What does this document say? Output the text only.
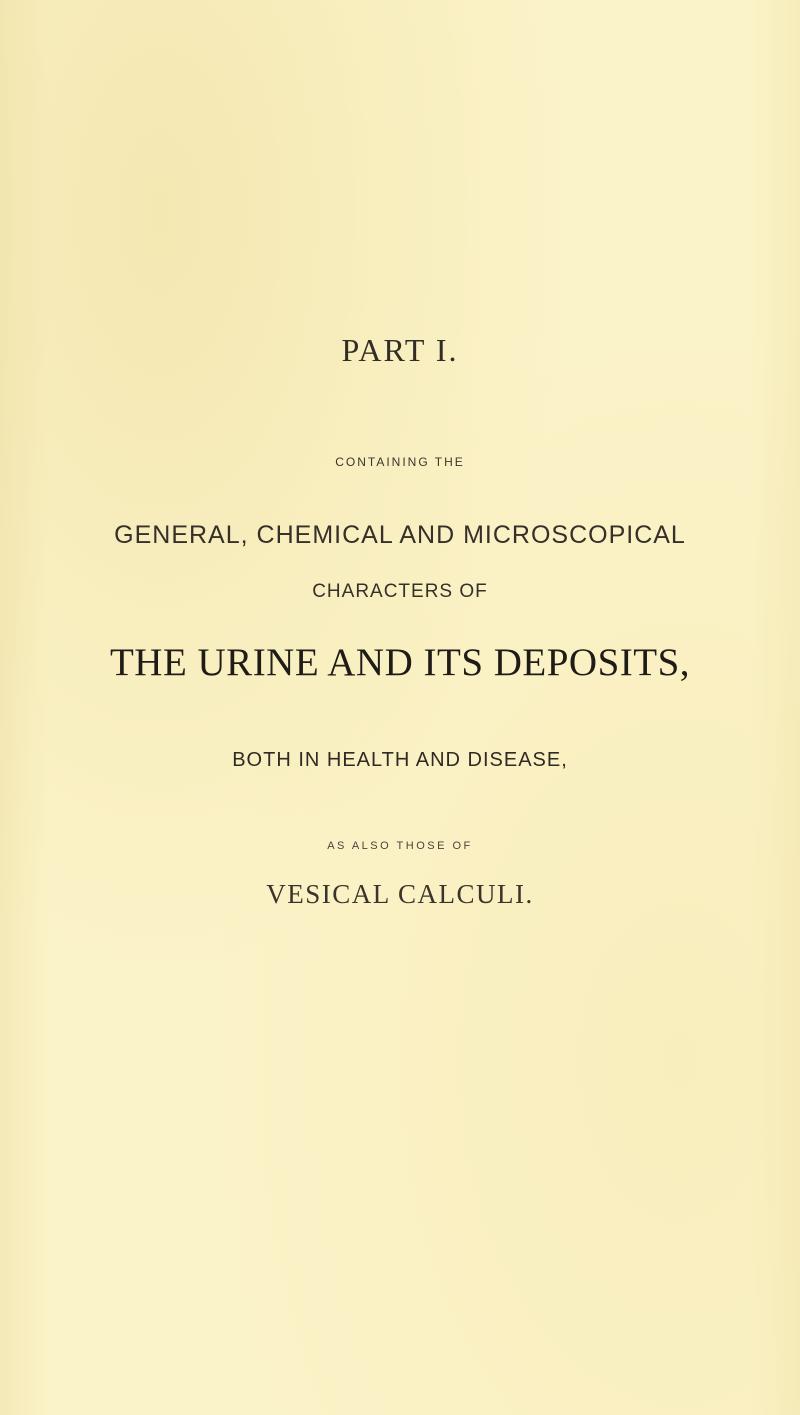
PART I.
CONTAINING THE
GENERAL, CHEMICAL AND MICROSCOPICAL
CHARACTERS OF
THE URINE AND ITS DEPOSITS,
BOTH IN HEALTH AND DISEASE,
AS ALSO THOSE OF
VESICAL CALCULI.
